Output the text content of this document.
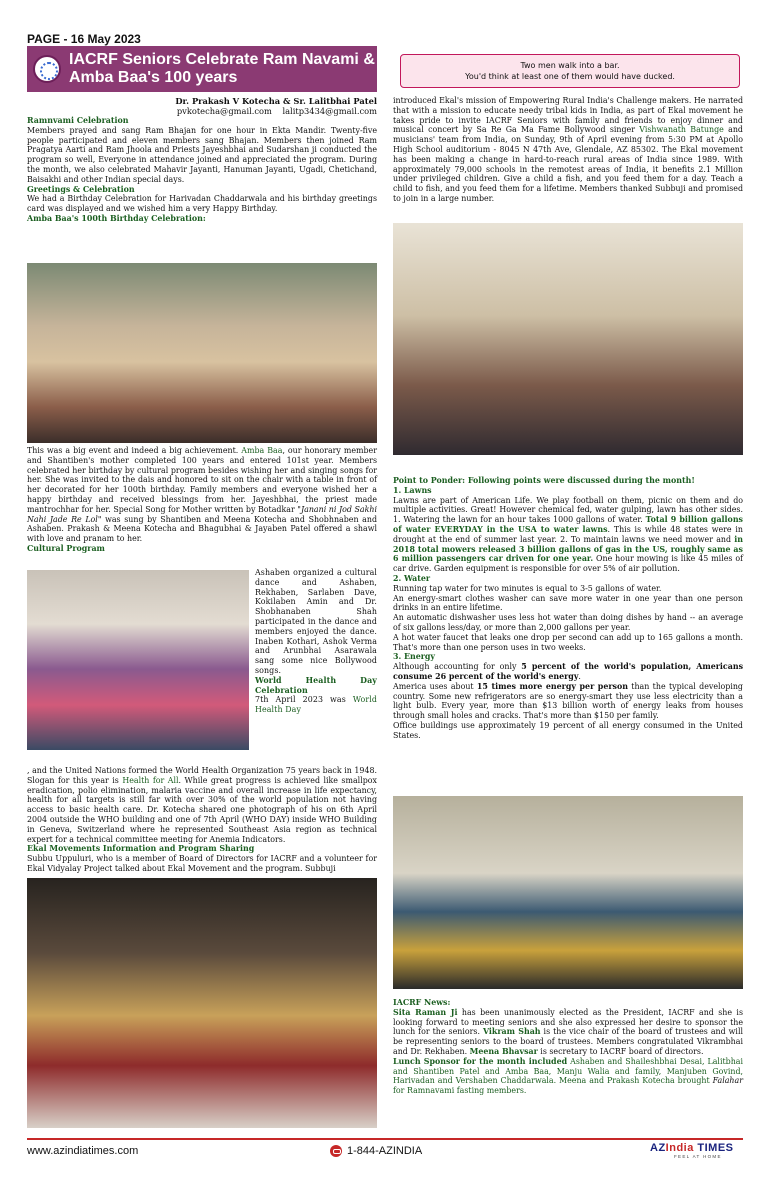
PAGE - 16 May 2023
IACRF Seniors Celebrate Ram Navami & Amba Baa's 100 years
Two men walk into a bar.
You'd think at least one of them would have ducked.
Dr. Prakash V Kotecha & Sr. Lalitbhai Patel
pvkotecha@gmail.com    lalitp3434@gmail.com

Ramnvami Celebration

Members prayed and sang Ram Bhajan for one hour in Ekta Mandir. Twenty-five people participated and eleven members sang Bhajan. Members then joined Ram Pragatya Aarti and Ram Jhoola and Priests Jayeshbhai and Sudarshan ji conducted the program so well, Everyone in attendance joined and appreciated the program. During the month, we also celebrated Mahavir Jayanti, Hanuman Jayanti, Ugadi, Chetichand, Baisakhi and other Indian special days.

Greetings & Celebration

We had a Birthday Celebration for Harivadan Chaddarwala and his birthday greetings card was displayed and we wished him a very Happy Birthday.

Amba Baa's 100th Birthday Celebration:

This was a big event and indeed a big achievement. Amba Baa, our honorary member and Shantiben's mother completed 100 years and entered 101st year. Members celebrated her birthday by cultural program besides wishing her and singing songs for her. She was invited to the dais and honored to sit on the chair with a table in front of her decorated for her 100th birthday. Family members and everyone wished her a happy birthday and received blessings from her. Jayeshbhai, the priest made mantrochhar for her. Special Song for Mother written by Botadkar "Janani ni Jod Sakhi Nahi Jade Re Lol" was sung by Shantiben and Meena Kotecha and Shobhnaben and Ashaben. Prakash & Meena Kotecha and Bhagubhai & Jayaben Patel offered a shawl with love and pranam to her.

Cultural Program

Ashaben organized a cultural dance and Ashaben, Rekhaben, Sarlaben Dave, Kokilaben Amin and Dr. Shobhanaben Shah participated in the dance and members enjoyed the dance. Inaben Kothari, Ashok Verma and Arunbhai Asarawala sang some nice Bollywood songs.

World Health Day Celebration

7th April 2023 was World Health Day

, and the United Nations formed the World Health Organization 75 years back in 1948. Slogan for this year is Health for All. While great progress is achieved like smallpox eradication, polio elimination, malaria vaccine and overall increase in life expectancy, health for all targets is still far with over 30% of the world population not having access to basic health care. Dr. Kotecha shared one photograph of his on 6th April 2004 outside the WHO building and one of 7th April (WHO DAY) inside WHO Building in Geneva, Switzerland where he represented Southeast Asia region as technical expert for a technical committee meeting for Anemia Indicators.

Ekal Movements Information and Program Sharing

Subbu Uppuluri, who is a member of Board of Directors for IACRF and a volunteer for Ekal Vidyalay Project talked about Ekal Movement and the program. Subbuji

introduced Ekal's mission of Empowering Rural India's Challenge makers. He narrated that with a mission to educate needy tribal kids in India, as part of Ekal movement he takes pride to invite IACRF Seniors with family and friends to enjoy dinner and musical concert by Sa Re Ga Ma Fame Bollywood singer Vishwanath Batunge and musicians' team from India, on Sunday, 9th of April evening from 5:30 PM at Apollo High School auditorium - 8045 N 47th Ave, Glendale, AZ 85302. The Ekal movement has been making a change in hard-to-reach rural areas of India since 1989. With approximately 79,000 schools in the remotest areas of India, it benefits 2.1 Million under privileged children. Give a child a fish, and you feed them for a day. Teach a child to fish, and you feed them for a lifetime. Members thanked Subbuji and promised to join in a large number.

Point to Ponder: Following points were discussed during the month!

1. Lawns

Lawns are part of American Life. We play football on them, picnic on them and do multiple activities. Great! However chemical fed, water gulping, lawn has other sides. 1. Watering the lawn for an hour takes 1000 gallons of water. Total 9 billion gallons of water EVERYDAY in the USA to water lawns. This is while 48 states were in drought at the end of summer last year. 2. To maintain lawns we need mower and in 2018 total mowers released 3 billion gallons of gas in the US, roughly same as 6 million passengers car driven for one year. One hour mowing is like 45 miles of car drive. Garden equipment is responsible for over 5% of air pollution.

2. Water

Running tap water for two minutes is equal to 3-5 gallons of water.

An energy-smart clothes washer can save more water in one year than one person drinks in an entire lifetime.

An automatic dishwasher uses less hot water than doing dishes by hand -- an average of six gallons less/day, or more than 2,000 gallons per year.

A hot water faucet that leaks one drop per second can add up to 165 gallons a month. That's more than one person uses in two weeks.

3. Energy

Although accounting for only 5 percent of the world's population, Americans consume 26 percent of the world's energy.

America uses about 15 times more energy per person than the typical developing country. Some new refrigerators are so energy-smart they use less electricity than a light bulb. Every year, more than $13 billion worth of energy leaks from houses through small holes and cracks. That's more than $150 per family.

Office buildings use approximately 19 percent of all energy consumed in the United States.

IACRF News:

Sita Raman Ji has been unanimously elected as the President, IACRF and she is looking forward to meeting seniors and she also expressed her desire to sponsor the lunch for the seniors. Vikram Shah is the vice chair of the board of trustees and will be representing seniors to the board of trustees. Members congratulated Vikrambhai and Dr. Rekhaben. Meena Bhavsar is secretary to IACRF board of directors.

Lunch Sponsor for the month included Ashaben and Shaileshbhai Desai, Lalitbhai and Shantiben Patel and Amba Baa, Manju Walia and family, Manjuben Govind, Harivadan and Vershaben Chaddarwala. Meena and Prakash Kotecha brought Falahar for Ramnavami fasting members.

www.azindiatimes.com	1-844-AZINDIA	AZIndia TIMES
FEEL AT HOME
